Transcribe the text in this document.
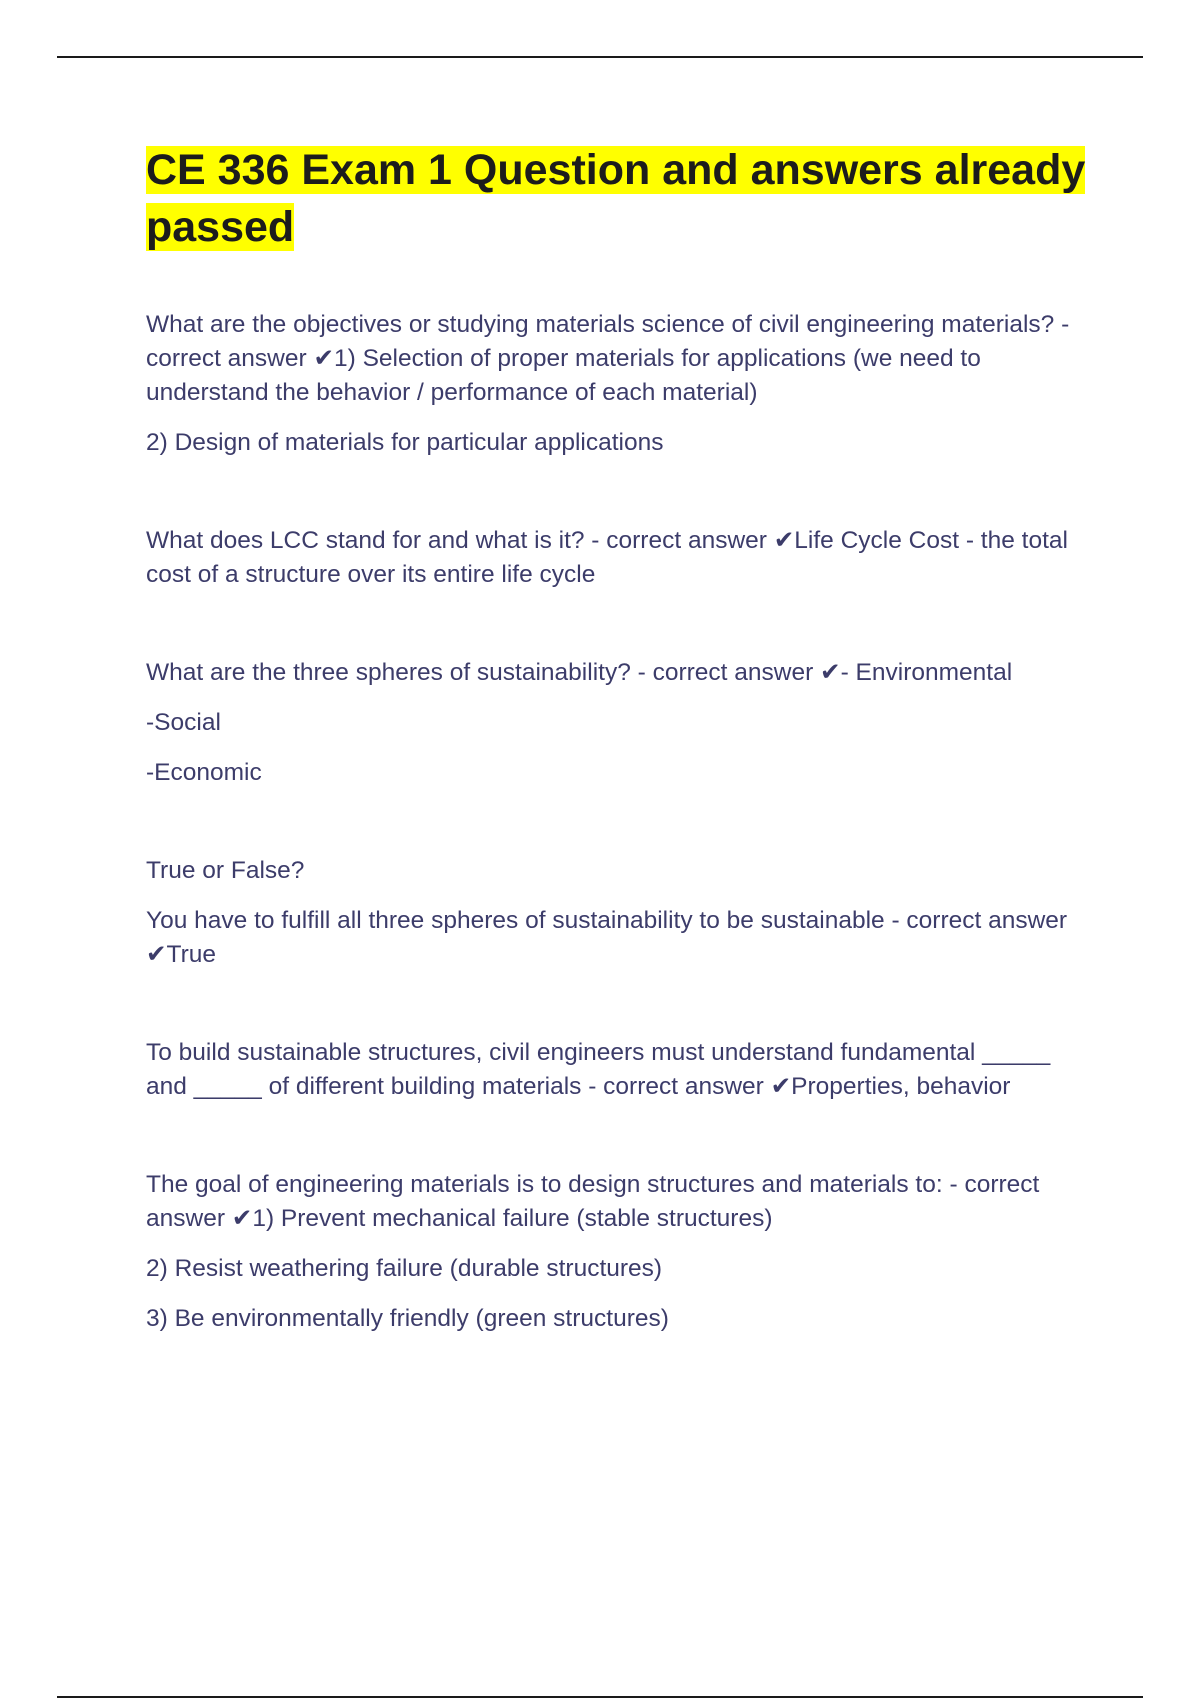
CE 336 Exam 1 Question and answers already passed

What are the objectives or studying materials science of civil engineering materials? - correct answer ✔1) Selection of proper materials for applications (we need to understand the behavior / performance of each material)

2) Design of materials for particular applications

What does LCC stand for and what is it? - correct answer ✔Life Cycle Cost - the total cost of a structure over its entire life cycle

What are the three spheres of sustainability? - correct answer ✔- Environmental

-Social

-Economic

True or False?

You have to fulfill all three spheres of sustainability to be sustainable - correct answer ✔True

To build sustainable structures, civil engineers must understand fundamental _____ and _____ of different building materials - correct answer ✔Properties, behavior

The goal of engineering materials is to design structures and materials to: - correct answer ✔1) Prevent mechanical failure (stable structures)

2) Resist weathering failure (durable structures)

3) Be environmentally friendly (green structures)
